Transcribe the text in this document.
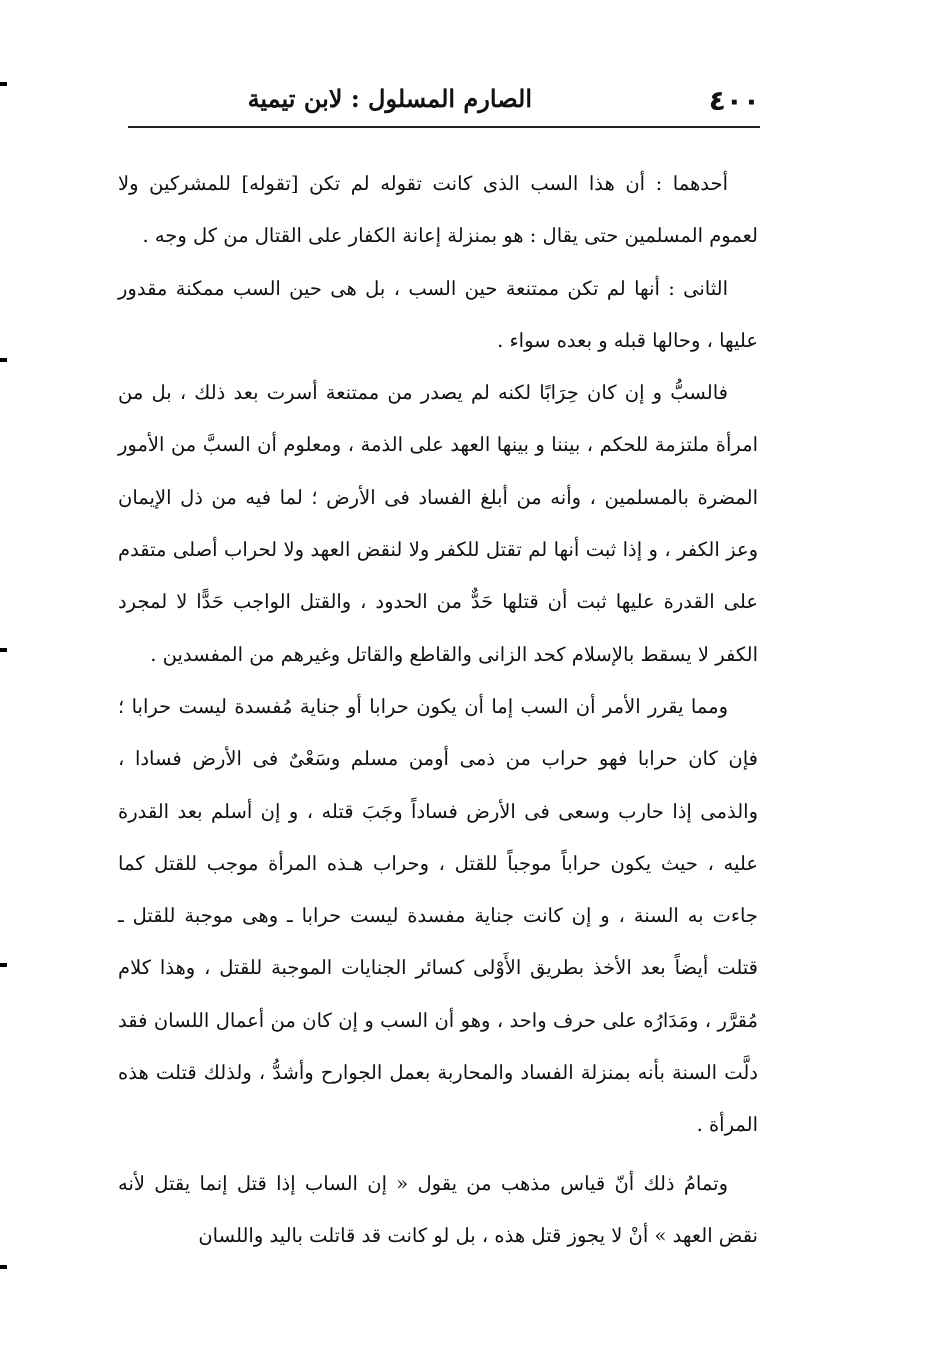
٤٠٠
الصارم المسلول : لابن تيمية

أحدهما : أن هذا السب الذى كانت تقوله لم تكن [تقوله] للمشركين ولا لعموم المسلمين حتى يقال : هو بمنزلة إعانة الكفار على القتال من كل وجه .

الثانى : أنها لم تكن ممتنعة حين السب ، بل هى حين السب ممكنة مقدور عليها ، وحالها قبله و بعده سواء .

فالسبُّ و إن كان حِرَابًا لكنه لم يصدر من ممتنعة أسرت بعد ذلك ، بل من امرأة ملتزمة للحكم ، بيننا و بينها العهد على الذمة ، ومعلوم أن السبَّ من الأمور المضرة بالمسلمين ، وأنه من أبلغ الفساد فى الأرض ؛ لما فيه من ذل الإيمان وعز الكفر ، و إذا ثبت أنها لم تقتل للكفر ولا لنقض العهد ولا لحراب أصلى متقدم على القدرة عليها ثبت أن قتلها حَدٌّ من الحدود ، والقتل الواجب حَدًّا لا لمجرد الكفر لا يسقط بالإسلام كحد الزانى والقاطع والقاتل وغيرهم من المفسدين .

ومما يقرر الأمر أن السب إما أن يكون حرابا أو جناية مُفسدة ليست حرابا ؛ فإن كان حرابا فهو حراب من ذمى أومن مسلم وسَعْىٌ فى الأرض فسادا ، والذمى إذا حارب وسعى فى الأرض فساداً وجَبَ قتله ، و إن أسلم بعد القدرة عليه ، حيث يكون حراباً موجباً للقتل ، وحراب هـذه المرأة موجب للقتل كما جاءت به السنة ، و إن كانت جناية مفسدة ليست حرابا ـ وهى موجبة للقتل ـ قتلت أيضاً بعد الأخذ بطريق الأَوْلى كسائر الجنايات الموجبة للقتل ، وهذا كلام مُقرَّر ، ومَدَارُه على حرف واحد ، وهو أن السب و إن كان من أعمال اللسان فقد دلَّت السنة بأنه بمنزلة الفساد والمحاربة بعمل الجوارح وأشدُّ ، ولذلك قتلت هذه المرأة .

وتمامُ ذلك أنّ قياس مذهب من يقول « إن الساب إذا قتل إنما يقتل لأنه نقض العهد » أنْ لا يجوز قتل هذه ، بل لو كانت قد قاتلت باليد واللسان
